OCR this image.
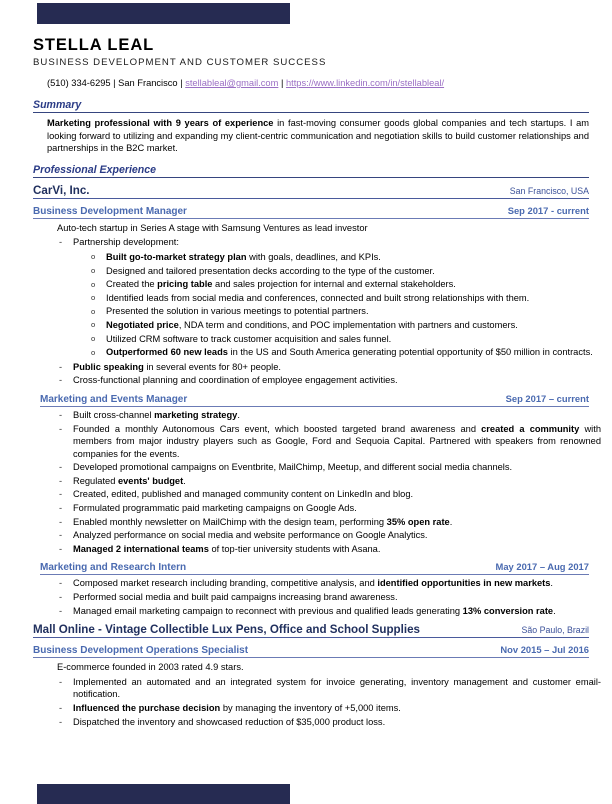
STELLA LEAL
BUSINESS DEVELOPMENT AND CUSTOMER SUCCESS
(510) 334-6295 | San Francisco | stellableal@gmail.com | https://www.linkedin.com/in/stellableal/
Summary
Marketing professional with 9 years of experience in fast-moving consumer goods global companies and tech startups. I am looking forward to utilizing and expanding my client-centric communication and negotiation skills to build customer relationships and partnerships in the B2C market.
Professional Experience
CarVi, Inc.	San Francisco, USA
Business Development Manager	Sep 2017 - current
Auto-tech startup in Series A stage with Samsung Ventures as lead investor
- Partnership development:
o Built go-to-market strategy plan with goals, deadlines, and KPIs.
o Designed and tailored presentation decks according to the type of the customer.
o Created the pricing table and sales projection for internal and external stakeholders.
o Identified leads from social media and conferences, connected and built strong relationships with them.
o Presented the solution in various meetings to potential partners.
o Negotiated price, NDA term and conditions, and POC implementation with partners and customers.
o Utilized CRM software to track customer acquisition and sales funnel.
o Outperformed 60 new leads in the US and South America generating potential opportunity of $50 million in contracts.
- Public speaking in several events for 80+ people.
- Cross-functional planning and coordination of employee engagement activities.
Marketing and Events Manager	Sep 2017 – current
- Built cross-channel marketing strategy.
- Founded a monthly Autonomous Cars event, which boosted targeted brand awareness and created a community with members from major industry players such as Google, Ford and Sequoia Capital. Partnered with speakers from renowned companies for the events.
- Developed promotional campaigns on Eventbrite, MailChimp, Meetup, and different social media channels.
- Regulated events' budget.
- Created, edited, published and managed community content on LinkedIn and blog.
- Formulated programmatic paid marketing campaigns on Google Ads.
- Enabled monthly newsletter on MailChimp with the design team, performing 35% open rate.
- Analyzed performance on social media and website performance on Google Analytics.
- Managed 2 international teams of top-tier university students with Asana.
Marketing and Research Intern	May 2017 – Aug 2017
- Composed market research including branding, competitive analysis, and identified opportunities in new markets.
- Performed social media and built paid campaigns increasing brand awareness.
- Managed email marketing campaign to reconnect with previous and qualified leads generating 13% conversion rate.
Mall Online - Vintage Collectible Lux Pens, Office and School Supplies	São Paulo, Brazil
Business Development Operations Specialist	Nov 2015 – Jul 2016
E-commerce founded in 2003 rated 4.9 stars.
- Implemented an automated and an integrated system for invoice generating, inventory management and customer email-notification.
- Influenced the purchase decision by managing the inventory of +5,000 items.
- Dispatched the inventory and showcased reduction of $35,000 product loss.
